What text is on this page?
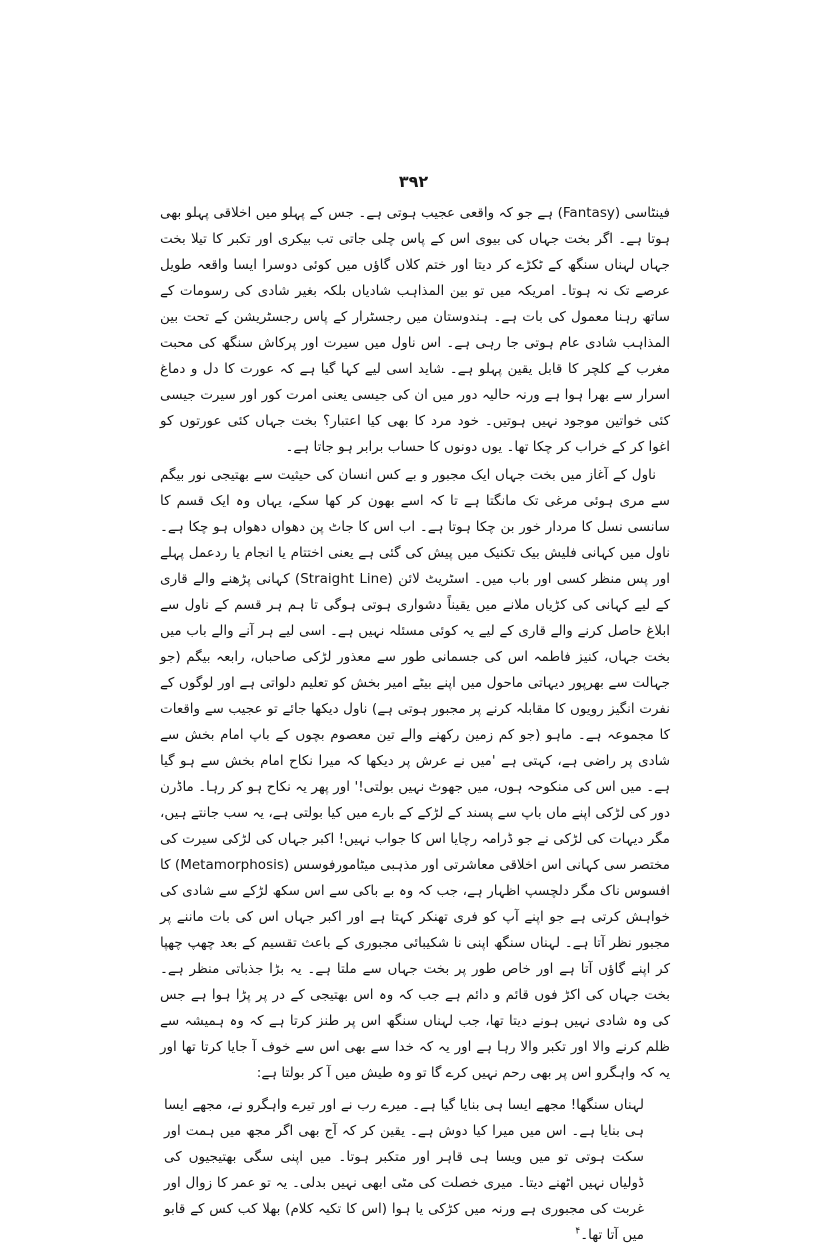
۳۹۲

فینٹاسی (Fantasy) ہے جو کہ واقعی عجیب ہوتی ہے۔ جس کے پہلو میں اخلاقی پہلو بھی ہوتا ہے۔ اگر بخت جہاں کی بیوی اس کے پاس چلی جاتی تب بیکری اور تکبر کا تیلا بخت جہاں لہناں سنگھ کے ٹکڑے کر دیتا اور ختم کلاں گاؤں میں کوئی دوسرا ایسا واقعہ طویل عرصے تک نہ ہوتا۔ امریکہ میں تو بین المذاہب شادیاں بلکہ بغیر شادی کی رسومات کے ساتھ رہنا معمول کی بات ہے۔ ہندوستان میں رجسٹرار کے پاس رجسٹریشن کے تحت بین المذاہب شادی عام ہوتی جا رہی ہے۔ اس ناول میں سیرت اور پرکاش سنگھ کی محبت مغرب کے کلچر کا قابل یقین پہلو ہے۔ شاید اسی لیے کہا گیا ہے کہ عورت کا دل و دماغ اسرار سے بھرا ہوا ہے ورنہ حالیہ دور میں ان کی جیسی یعنی امرت کور اور سیرت جیسی کئی خواتین موجود نہیں ہوتیں۔ خود مرد کا بھی کیا اعتبار؟ بخت جہاں کئی عورتوں کو اغوا کر کے خراب کر چکا تھا۔ یوں دونوں کا حساب برابر ہو جاتا ہے۔

ناول کے آغاز میں بخت جہاں ایک مجبور و بے کس انسان کی حیثیت سے بھتیجی نور بیگم سے مری ہوئی مرغی تک مانگتا ہے تا کہ اسے بھون کر کھا سکے، یہاں وہ ایک قسم کا سانسی نسل کا مردار خور بن چکا ہوتا ہے۔ اب اس کا جاٹ پن دھواں دھواں ہو چکا ہے۔ ناول میں کہانی فلیش بیک تکنیک میں پیش کی گئی ہے یعنی اختتام یا انجام یا ردعمل پہلے اور پس منظر کسی اور باب میں۔ اسٹریٹ لائن (Straight Line) کہانی پڑھنے والے قاری کے لیے کہانی کی کڑیاں ملانے میں یقیناً دشواری ہوتی ہوگی تا ہم ہر قسم کے ناول سے ابلاغ حاصل کرنے والے قاری کے لیے یہ کوئی مسئلہ نہیں ہے۔ اسی لیے ہر آنے والے باب میں بخت جہاں، کنیز فاطمہ اس کی جسمانی طور سے معذور لڑکی صاحباں، رابعہ بیگم (جو جہالت سے بھرپور دیہاتی ماحول میں اپنے بیٹے امیر بخش کو تعلیم دلواتی ہے اور لوگوں کے نفرت انگیز رویوں کا مقابلہ کرنے پر مجبور ہوتی ہے) ناول دیکھا جائے تو عجیب سے واقعات کا مجموعہ ہے۔ ماہو (جو کم زمین رکھنے والے تین معصوم بچوں کے باپ امام بخش سے شادی پر راضی ہے، کہتی ہے 'میں نے عرش پر دیکھا کہ میرا نکاح امام بخش سے ہو گیا ہے۔ میں اس کی منکوحہ ہوں، میں جھوٹ نہیں بولتی!' اور پھر یہ نکاح ہو کر رہا۔ ماڈرن دور کی لڑکی اپنے ماں باپ سے پسند کے لڑکے کے بارے میں کیا بولتی ہے، یہ سب جانتے ہیں، مگر دیہات کی لڑکی نے جو ڈرامہ رچایا اس کا جواب نہیں! اکبر جہاں کی لڑکی سیرت کی مختصر سی کہانی اس اخلاقی معاشرتی اور مذہبی میٹامورفوسس (Metamorphosis) کا افسوس ناک مگر دلچسپ اظہار ہے، جب کہ وہ بے باکی سے اس سکھ لڑکے سے شادی کی خواہش کرتی ہے جو اپنے آپ کو فری تھنکر کہتا ہے اور اکبر جہاں اس کی بات ماننے پر مجبور نظر آتا ہے۔ لہناں سنگھ اپنی نا شکیبائی مجبوری کے باعث تقسیم کے بعد چھپ چھپا کر اپنے گاؤں آتا ہے اور خاص طور پر بخت جہاں سے ملتا ہے۔ یہ بڑا جذباتی منظر ہے۔ بخت جہاں کی اکڑ فوں قائم و دائم ہے جب کہ وہ اس بھتیجی کے در پر پڑا ہوا ہے جس کی وہ شادی نہیں ہونے دیتا تھا، جب لہناں سنگھ اس پر طنز کرتا ہے کہ وہ ہمیشہ سے ظلم کرنے والا اور تکبر والا رہا ہے اور یہ کہ خدا سے بھی اس سے خوف آ جایا کرتا تھا اور یہ کہ واہگرو اس پر بھی رحم نہیں کرے گا تو وہ طیش میں آ کر بولتا ہے:

لہناں سنگھا! مجھے ایسا ہی بنایا گیا ہے۔ میرے رب نے اور تیرے واہگرو نے، مجھے ایسا ہی بنایا ہے۔ اس میں میرا کیا دوش ہے۔ یقین کر کہ آج بھی اگر مجھ میں ہمت اور سکت ہوتی تو میں ویسا ہی قاہر اور متکبر ہوتا۔ میں اپنی سگی بھتیجیوں کی ڈولیاں نہیں اٹھنے دیتا۔ میری خصلت کی مٹی ابھی نہیں بدلی۔ یہ تو عمر کا زوال اور غربت کی مجبوری ہے ورنہ میں کڑکی یا ہوا (اس کا تکیہ کلام) بھلا کب کس کے قابو میں آتا تھا۔$^۴$
